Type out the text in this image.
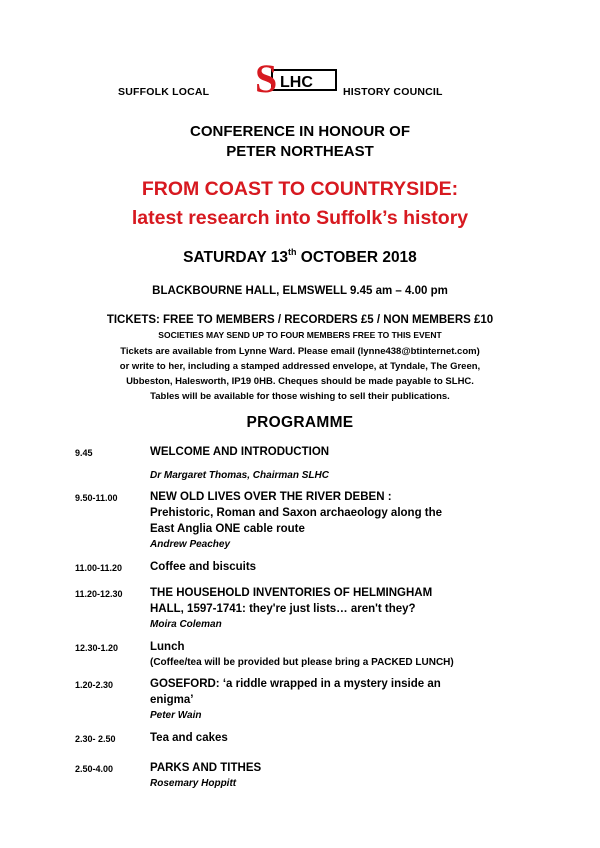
SUFFOLK LOCAL S LHC
HISTORY COUNCIL
CONFERENCE IN HONOUR OF
PETER NORTHEAST
FROM COAST TO COUNTRYSIDE:
latest research into Suffolk’s history
SATURDAY 13th OCTOBER 2018
BLACKBOURNE HALL, ELMSWELL 9.45 am – 4.00 pm
TICKETS: FREE TO MEMBERS / RECORDERS £5 / NON MEMBERS £10
SOCIETIES MAY SEND UP TO FOUR MEMBERS FREE TO THIS EVENT
Tickets are available from Lynne Ward. Please email (lynne438@btinternet.com)
or write to her, including a stamped addressed envelope, at Tyndale, The Green,
Ubbeston, Halesworth, IP19 0HB. Cheques should be made payable to SLHC.
Tables will be available for those wishing to sell their publications.
PROGRAMME
9.45	WELCOME AND INTRODUCTION
Dr Margaret Thomas, Chairman SLHC
9.50-11.00	NEW OLD LIVES OVER THE RIVER DEBEN :
Prehistoric, Roman and Saxon archaeology along the
East Anglia ONE cable route
Andrew Peachey
11.00-11.20 Coffee and biscuits
11.20-12.30 THE HOUSEHOLD INVENTORIES OF HELMINGHAM
HALL, 1597-1741: they're just lists… aren't they?
Moira Coleman
12.30-1.20	Lunch
(Coffee/tea will be provided but please bring a PACKED LUNCH)
1.20-2.30	GOSEFORD: ‘a riddle wrapped in a mystery inside an
enigma’
Peter Wain
2.30- 2.50	Tea and cakes
2.50-4.00	PARKS AND TITHES
Rosemary Hoppitt
